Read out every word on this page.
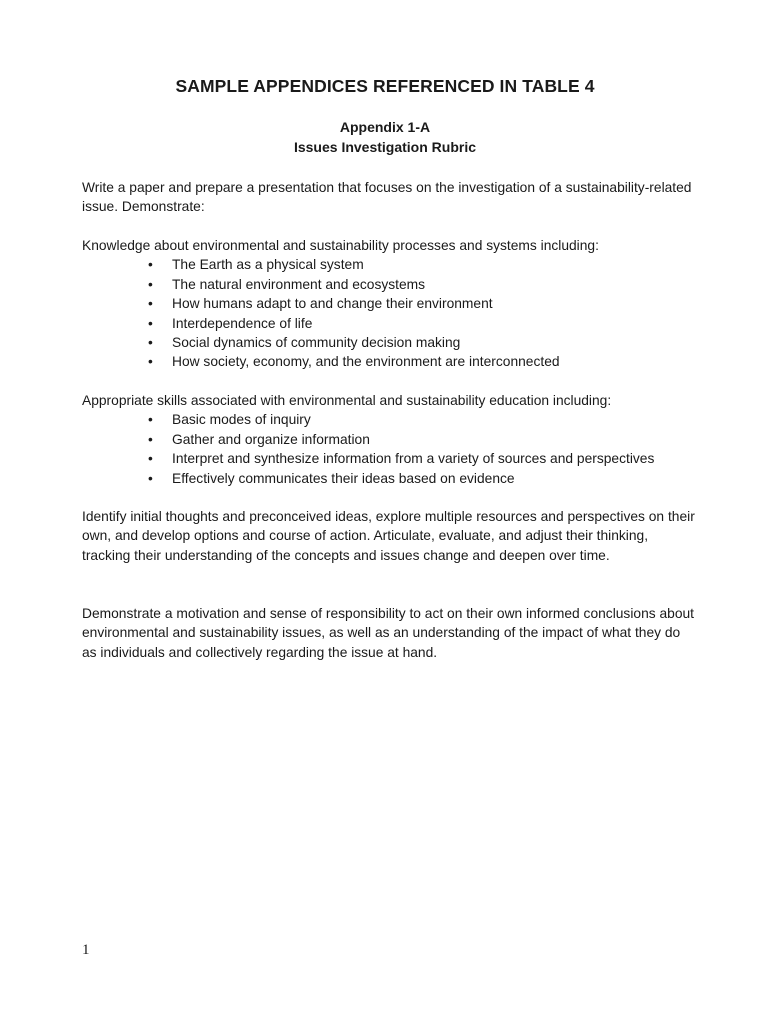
SAMPLE APPENDICES REFERENCED IN TABLE 4
Appendix 1-A
Issues Investigation Rubric

Write a paper and prepare a presentation that focuses on the investigation of a sustainability-related issue. Demonstrate:

Knowledge about environmental and sustainability processes and systems including:
• The Earth as a physical system
• The natural environment and ecosystems
• How humans adapt to and change their environment
• Interdependence of life
• Social dynamics of community decision making
• How society, economy, and the environment are interconnected
Appropriate skills associated with environmental and sustainability education including:
• Basic modes of inquiry
• Gather and organize information
• Interpret and synthesize information from a variety of sources and perspectives
• Effectively communicates their ideas based on evidence

Identify initial thoughts and preconceived ideas, explore multiple resources and perspectives on their own, and develop options and course of action. Articulate, evaluate, and adjust their thinking, tracking their understanding of the concepts and issues change and deepen over time.

Demonstrate a motivation and sense of responsibility to act on their own informed conclusions about environmental and sustainability issues, as well as an understanding of the impact of what they do as individuals and collectively regarding the issue at hand.

1
